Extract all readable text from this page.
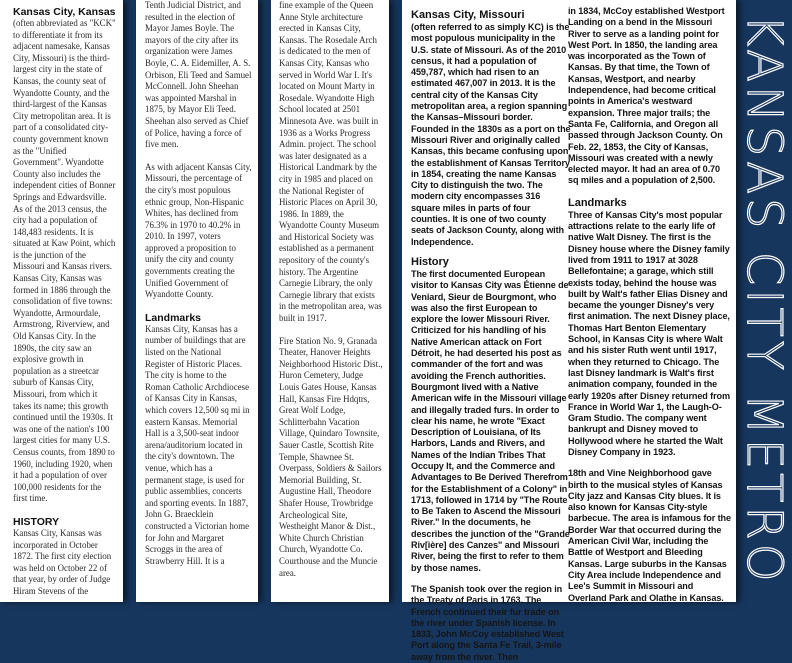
Kansas City, Kansas

(often abbreviated as "KCK" to differentiate it from its adjacent namesake, Kansas City, Missouri) is the third-largest city in the state of Kansas, the county seat of Wyandotte County, and the third-largest of the Kansas City metropolitan area. It is part of a consolidated city-county government known as the "Unified Government". Wyandotte County also includes the independent cities of Bonner Springs and Edwardsville. As of the 2013 census, the city had a population of 148,483 residents. It is situated at Kaw Point, which is the junction of the Missouri and Kansas rivers. Kansas City, Kansas was formed in 1886 through the consolidation of five towns: Wyandotte, Armourdale, Armstrong, Riverview, and Old Kansas City. In the 1890s, the city saw an explosive growth in population as a streetcar suburb of Kansas City, Missouri, from which it takes its name; this growth continued until the 1930s. It was one of the nation's 100 largest cities for many U.S. Census counts, from 1890 to 1960, including 1920, when it had a population of over 100,000 residents for the first time.

HISTORY

Kansas City, Kansas was incorporated in October 1872. The first city election was held on October 22 of that year, by order of Judge Hiram Stevens of the

Tenth Judicial District, and resulted in the election of Mayor James Boyle. The mayors of the city after its organization were James Boyle, C. A. Eidemiller, A. S. Orbison, Eli Teed and Samuel McConnell. John Sheehan was appointed Marshal in 1875, by Mayor Eli Teed. Sheehan also served as Chief of Police, having a force of five men.

As with adjacent Kansas City, Missouri, the percentage of the city's most populous ethnic group, Non-Hispanic Whites, has declined from 76.3% in 1970 to 40.2% in 2010. In 1997, voters approved a proposition to unify the city and county governments creating the Unified Government of Wyandotte County.

Landmarks

Kansas City, Kansas has a number of buildings that are listed on the National Register of Historic Places. The city is home to the Roman Catholic Archdiocese of Kansas City in Kansas, which covers 12,500 sq mi in eastern Kansas. Memorial Hall is a 3,500-seat indoor arena/auditorium located in the city's downtown. The venue, which has a permanent stage, is used for public assemblies, concerts and sporting events. In 1887, John G. Braecklein constructed a Victorian home for John and Margaret Scroggs in the area of Strawberry Hill. It is a

fine example of the Queen Anne Style architecture erected in Kansas City, Kansas. The Rosedale Arch is dedicated to the men of Kansas City, Kansas who served in World War I. It's located on Mount Marty in Rosedale. Wyandotte High School located at 2501 Minnesota Ave. was built in 1936 as a Works Progress Admin. project. The school was later designated as a Historical Landmark by the city in 1985 and placed on the National Register of Historic Places on April 30, 1986. In 1889, the Wyandotte County Museum and Historical Society was established as a permanent repository of the county's history. The Argentine Carnegie Library, the only Carnegie library that exists in the metropolitan area, was built in 1917.

Fire Station No. 9, Granada Theater, Hanover Heights Neighborhood Historic Dist., Huron Cemetery, Judge Louis Gates House, Kansas Hall, Kansas Fire Hdqtrs, Great Wolf Lodge, Schlitterbahn Vacation Village, Quindaro Townsite, Sauer Castle, Scottish Rite Temple, Shawnee St. Overpass, Soldiers & Sailors Memorial Building, St. Augustine Hall, Theodore Shafer House, Trowbridge Archeological Site, Westheight Manor & Dist., White Church Christian Church, Wyandotte Co. Courthouse and the Muncie area.

Kansas City, Missouri

(often referred to as simply KC) is the most populous municipality in the U.S. state of Missouri. As of the 2010 census, it had a population of 459,787, which had risen to an estimated 467,007 in 2013. It is the central city of the Kansas City metropolitan area, a region spanning the Kansas–Missouri border. Founded in the 1830s as a port on the Missouri River and originally called Kansas, this became confusing upon the establishment of Kansas Territory in 1854, creating the name Kansas City to distinguish the two. The modern city encompasses 316 square miles in parts of four counties. It is one of two county seats of Jackson County, along with Independence.

History

The first documented European visitor to Kansas City was Étienne de Veniard, Sieur de Bourgmont, who was also the first European to explore the lower Missouri River. Criticized for his handling of his Native American attack on Fort Détroit, he had deserted his post as commander of the fort and was avoiding the French authorities. Bourgmont lived with a Native American wife in the Missouri village and illegally traded furs. In order to clear his name, he wrote "Exact Description of Louisiana, of Its Harbors, Lands and Rivers, and Names of the Indian Tribes That Occupy It, and the Commerce and Advantages to Be Derived Therefrom for the Establishment of a Colony" in 1713, followed in 1714 by "The Route to Be Taken to Ascend the Missouri River." In the documents, he describes the junction of the "Grande Riv[ière] des Canzes" and Missouri River, being the first to refer to them by those names.

The Spanish took over the region in the Treaty of Paris in 1763. The French continued their fur trade on the river under Spanish license. In 1833, John McCoy established West Port along the Santa Fe Trail, 3-mile away from the river. Then

in 1834, McCoy established Westport Landing on a bend in the Missouri River to serve as a landing point for West Port. In 1850, the landing area was incorporated as the Town of Kansas. By that time, the Town of Kansas, Westport, and nearby Independence, had become critical points in America's westward expansion. Three major trails; the Santa Fe, California, and Oregon all passed through Jackson County. On Feb. 22, 1853, the City of Kansas, Missouri was created with a newly elected mayor. It had an area of 0.70 sq miles and a population of 2,500.

Landmarks

Three of Kansas City's most popular attractions relate to the early life of native Walt Disney. The first is the Disney house where the Disney family lived from 1911 to 1917 at 3028 Bellefontaine; a garage, which still exists today, behind the house was built by Walt's father Elias Disney and became the younger Disney's very first animation. The next Disney place, Thomas Hart Benton Elementary School, in Kansas City is where Walt and his sister Ruth went until 1917, when they returned to Chicago. The last Disney landmark is Walt's first animation company, founded in the early 1920s after Disney returned from France in World War 1, the Laugh-O-Gram Studio. The company went bankrupt and Disney moved to Hollywood where he started the Walt Disney Company in 1923.

18th and Vine Neighborhood gave birth to the musical styles of Kansas City jazz and Kansas City blues. It is also known for Kansas City-style barbecue. The area is infamous for the Border War that occurred during the American Civil War, including the Battle of Westport and Bleeding Kansas. Large suburbs in the Kansas City Area include Independence and Lee's Summit in Missouri and Overland Park and Olathe in Kansas.

KANSAS CITY METRO
